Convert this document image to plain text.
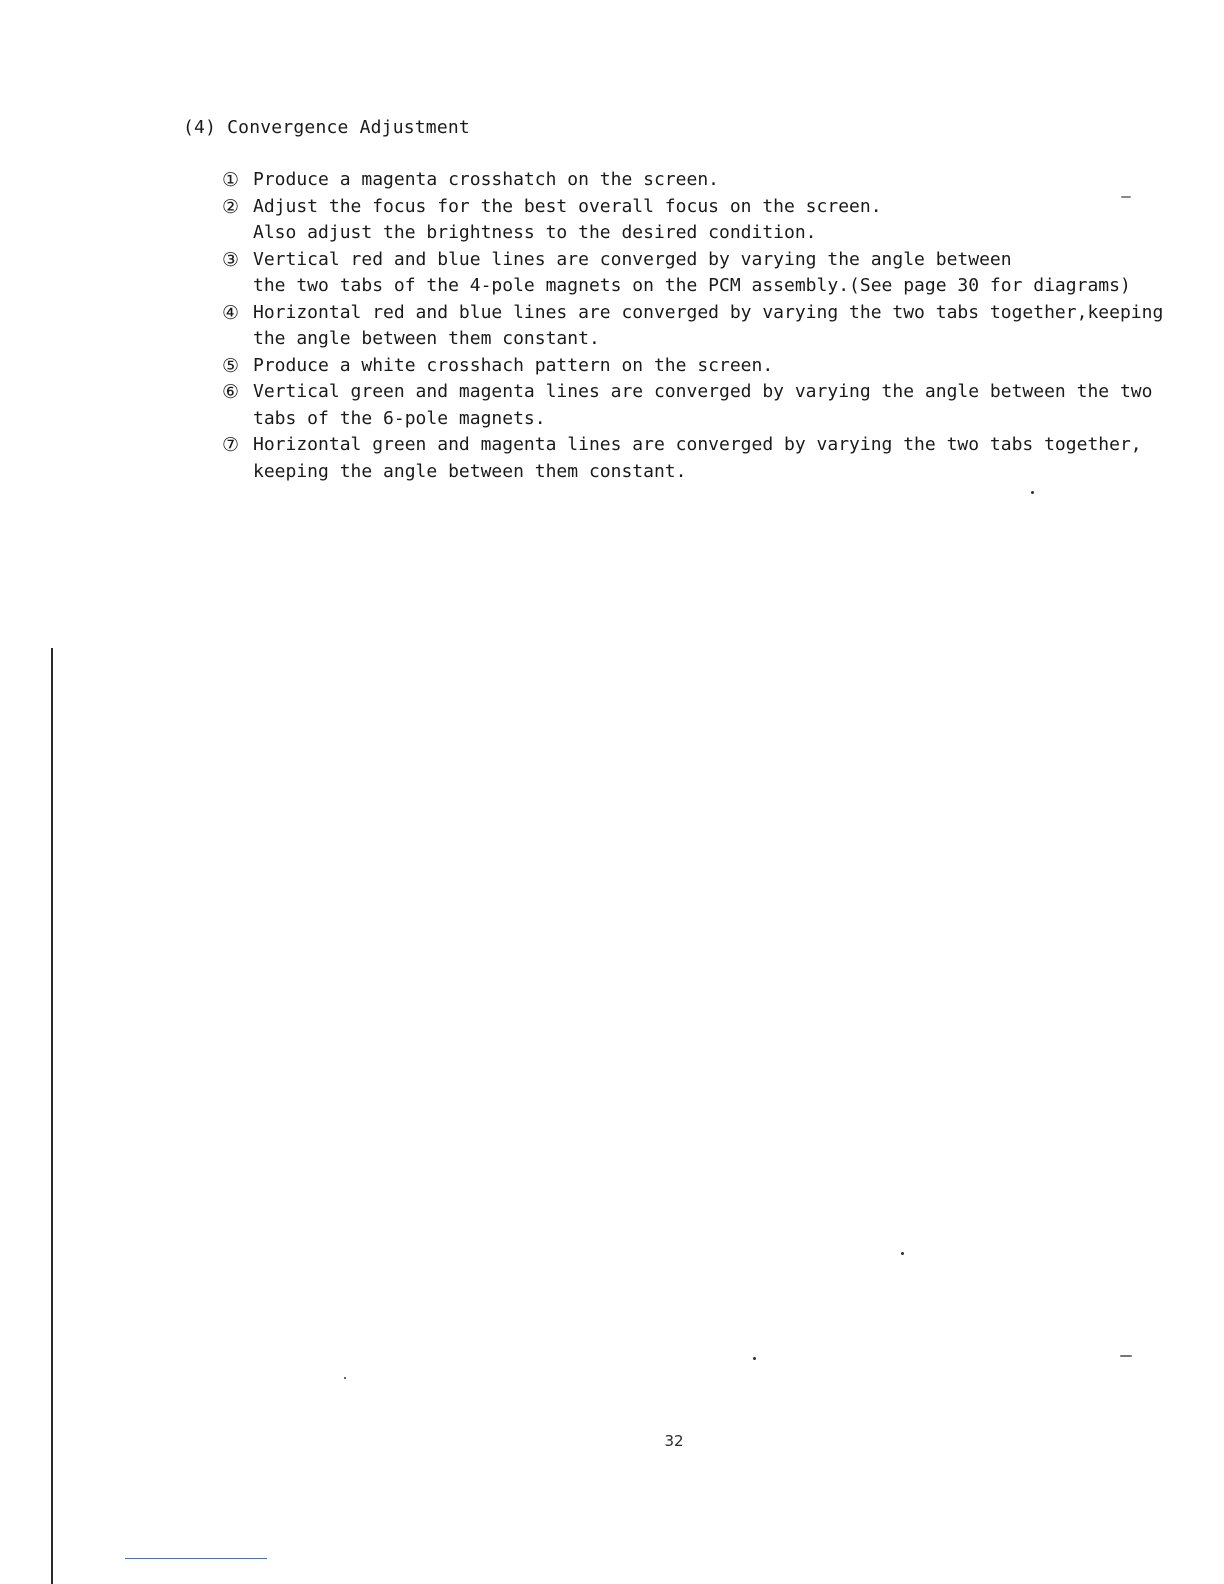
(4) Convergence Adjustment
① Produce a magenta crosshatch on the screen.
② Adjust the focus for the best overall focus on the screen.
Also adjust the brightness to the desired condition.
③ Vertical red and blue lines are converged by varying the angle between
the two tabs of the 4-pole magnets on the PCM assembly.(See page 30 for diagrams)
④ Horizontal red and blue lines are converged by varying the two tabs together,keeping
the angle between them constant.
⑤ Produce a white crosshach pattern on the screen.
⑥ Vertical green and magenta lines are converged by varying the angle between the two
tabs of the 6-pole magnets.
⑦ Horizontal green and magenta lines are converged by varying the two tabs together,
keeping the angle between them constant.
32
